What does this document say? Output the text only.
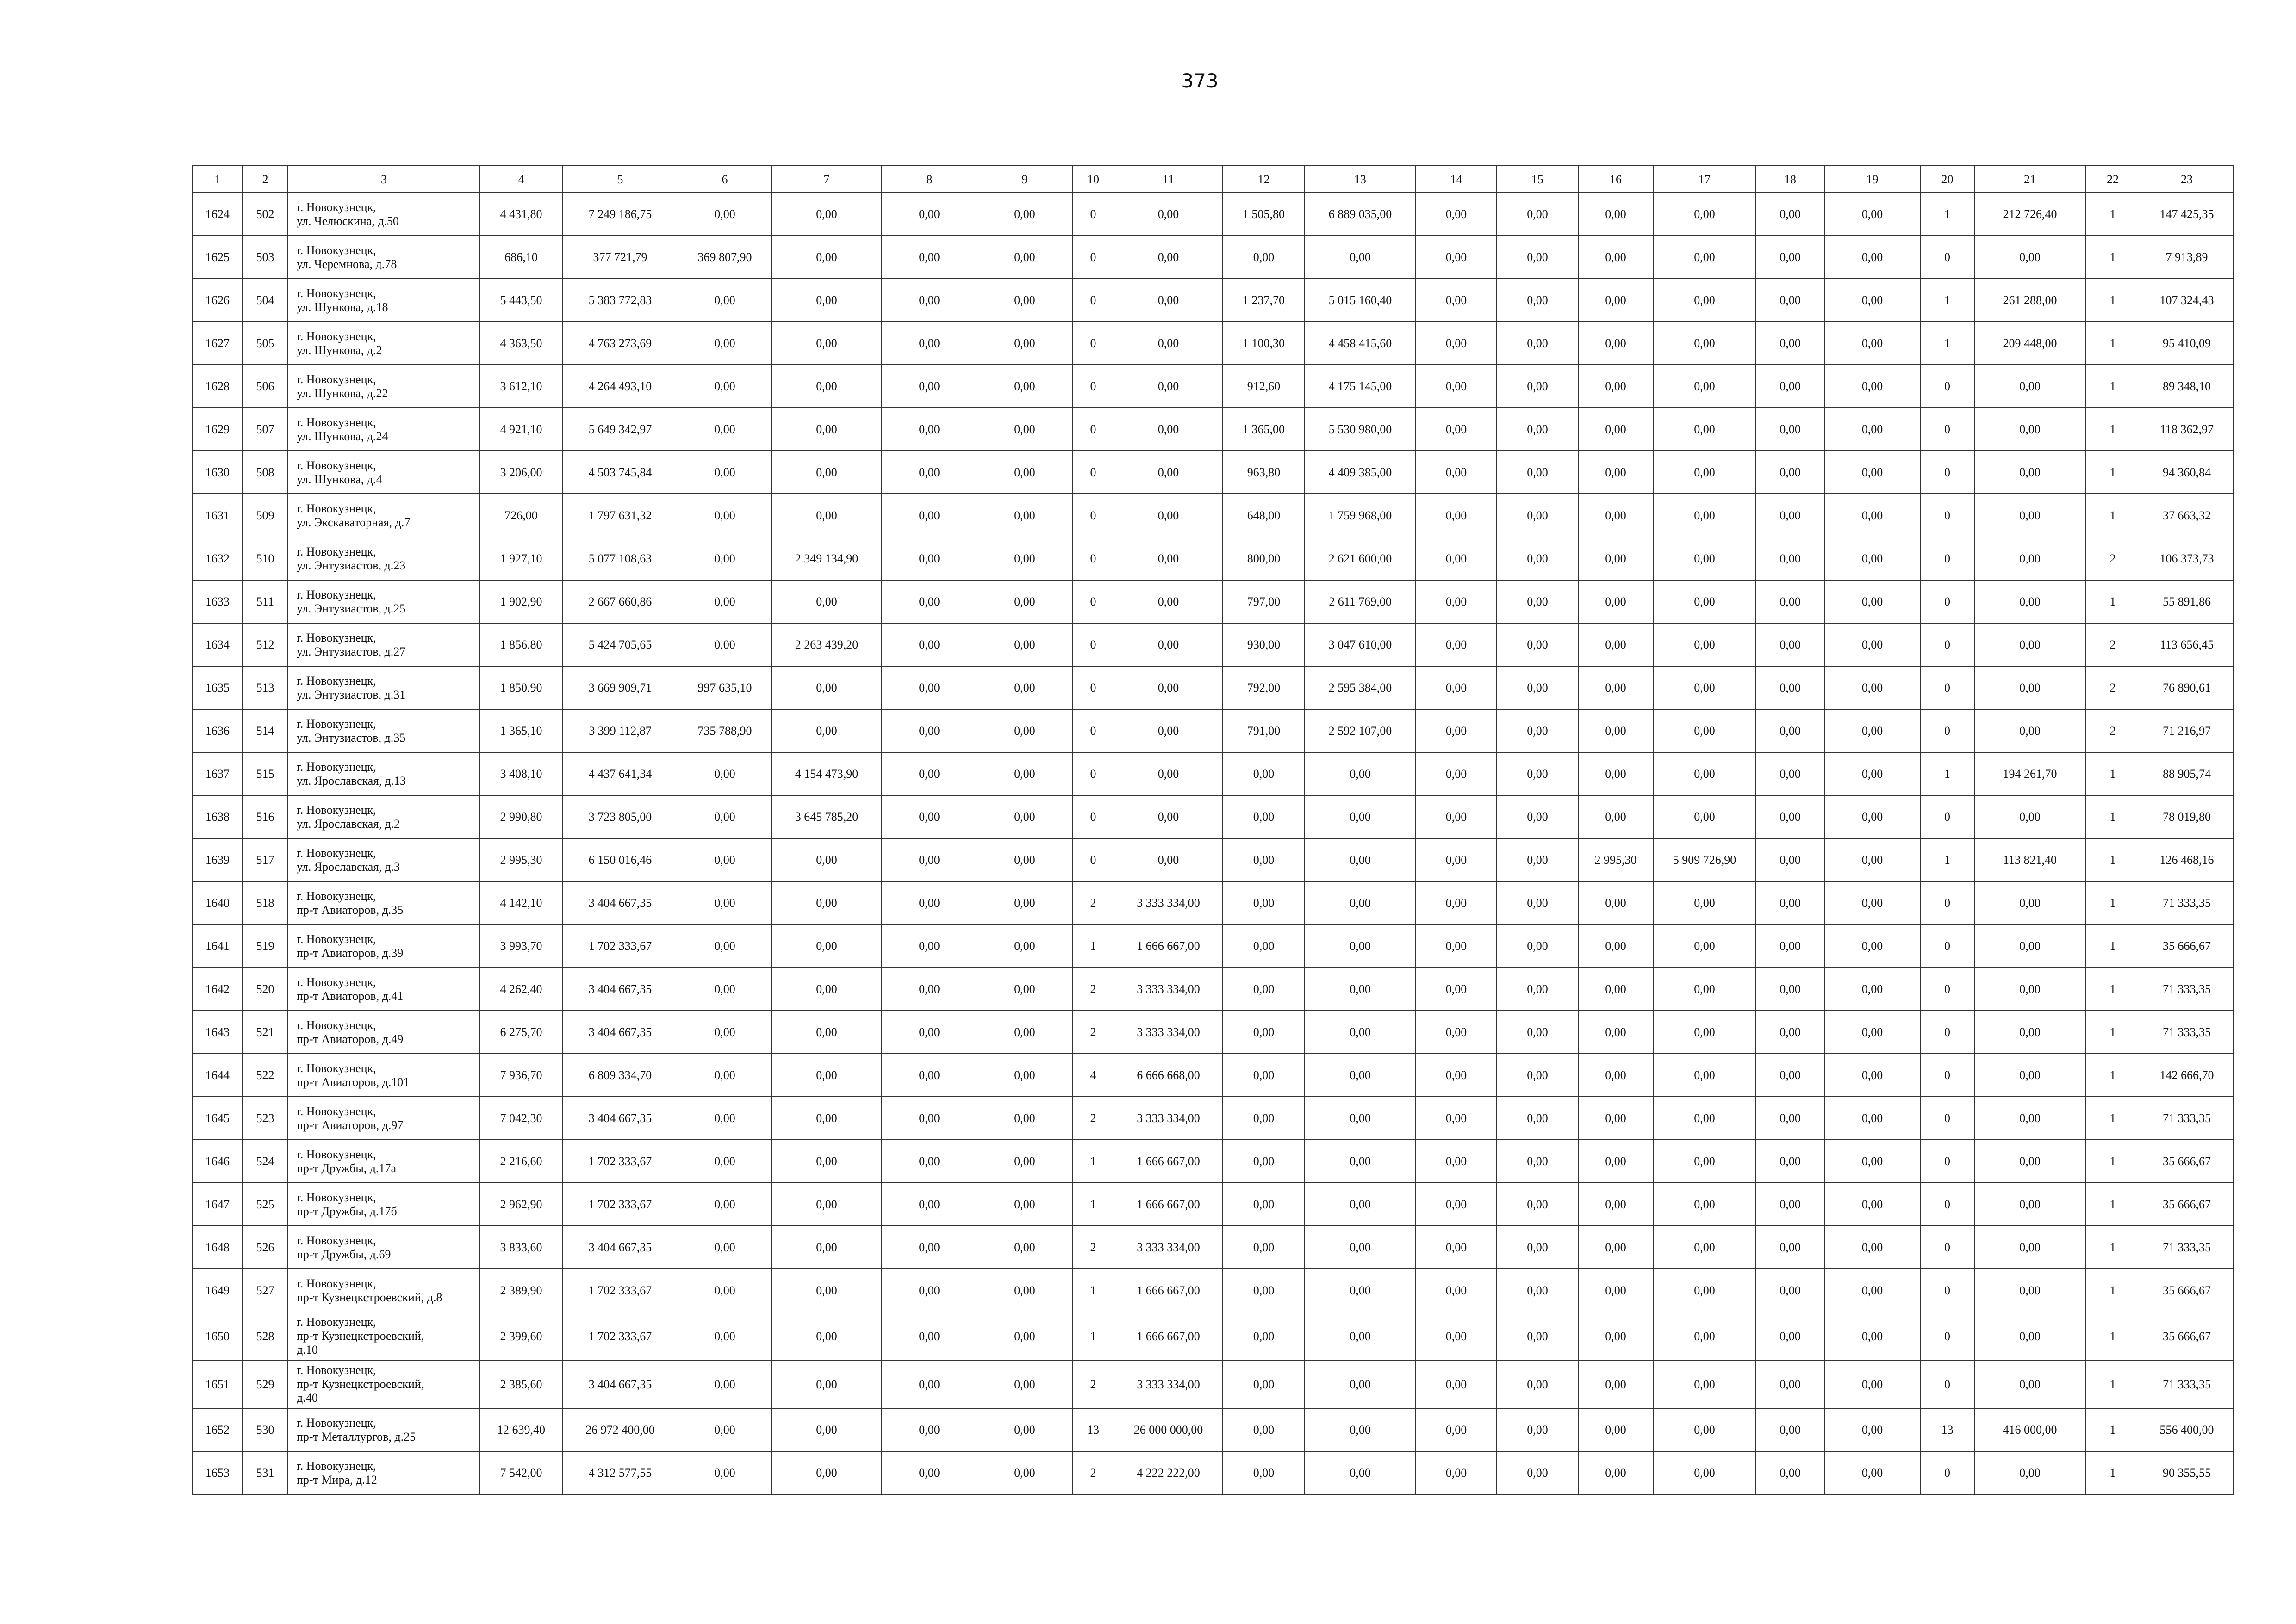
373
1	2	3	4	5	6	7	8	9	10	11	12	13	14	15	16	17	18	19	20	21	22	23
1624	502	г. Новокузнецк,
ул. Челюскина, д.50	4 431,80	7 249 186,75	0,00	0,00	0,00	0,00	0	0,00	1 505,80	6 889 035,00	0,00	0,00	0,00	0,00	0,00	0,00	1	212 726,40	1	147 425,35
1625	503	г. Новокузнецк,
ул. Черемнова, д.78	686,10	377 721,79	369 807,90	0,00	0,00	0,00	0	0,00	0,00	0,00	0,00	0,00	0,00	0,00	0,00	0,00	0	0,00	1	7 913,89
1626	504	г. Новокузнецк,
ул. Шункова, д.18	5 443,50	5 383 772,83	0,00	0,00	0,00	0,00	0	0,00	1 237,70	5 015 160,40	0,00	0,00	0,00	0,00	0,00	0,00	1	261 288,00	1	107 324,43
1627	505	г. Новокузнецк,
ул. Шункова, д.2	4 363,50	4 763 273,69	0,00	0,00	0,00	0,00	0	0,00	1 100,30	4 458 415,60	0,00	0,00	0,00	0,00	0,00	0,00	1	209 448,00	1	95 410,09
1628	506	г. Новокузнецк,
ул. Шункова, д.22	3 612,10	4 264 493,10	0,00	0,00	0,00	0,00	0	0,00	912,60	4 175 145,00	0,00	0,00	0,00	0,00	0,00	0,00	0	0,00	1	89 348,10
1629	507	г. Новокузнецк,
ул. Шункова, д.24	4 921,10	5 649 342,97	0,00	0,00	0,00	0,00	0	0,00	1 365,00	5 530 980,00	0,00	0,00	0,00	0,00	0,00	0,00	0	0,00	1	118 362,97
1630	508	г. Новокузнецк,
ул. Шункова, д.4	3 206,00	4 503 745,84	0,00	0,00	0,00	0,00	0	0,00	963,80	4 409 385,00	0,00	0,00	0,00	0,00	0,00	0,00	0	0,00	1	94 360,84
1631	509	г. Новокузнецк,
ул. Экскаваторная, д.7	726,00	1 797 631,32	0,00	0,00	0,00	0,00	0	0,00	648,00	1 759 968,00	0,00	0,00	0,00	0,00	0,00	0,00	0	0,00	1	37 663,32
1632	510	г. Новокузнецк,
ул. Энтузиастов, д.23	1 927,10	5 077 108,63	0,00	2 349 134,90	0,00	0,00	0	0,00	800,00	2 621 600,00	0,00	0,00	0,00	0,00	0,00	0,00	0	0,00	2	106 373,73
1633	511	г. Новокузнецк,
ул. Энтузиастов, д.25	1 902,90	2 667 660,86	0,00	0,00	0,00	0,00	0	0,00	797,00	2 611 769,00	0,00	0,00	0,00	0,00	0,00	0,00	0	0,00	1	55 891,86
1634	512	г. Новокузнецк,
ул. Энтузиастов, д.27	1 856,80	5 424 705,65	0,00	2 263 439,20	0,00	0,00	0	0,00	930,00	3 047 610,00	0,00	0,00	0,00	0,00	0,00	0,00	0	0,00	2	113 656,45
1635	513	г. Новокузнецк,
ул. Энтузиастов, д.31	1 850,90	3 669 909,71	997 635,10	0,00	0,00	0,00	0	0,00	792,00	2 595 384,00	0,00	0,00	0,00	0,00	0,00	0,00	0	0,00	2	76 890,61
1636	514	г. Новокузнецк,
ул. Энтузиастов, д.35	1 365,10	3 399 112,87	735 788,90	0,00	0,00	0,00	0	0,00	791,00	2 592 107,00	0,00	0,00	0,00	0,00	0,00	0,00	0	0,00	2	71 216,97
1637	515	г. Новокузнецк,
ул. Ярославская, д.13	3 408,10	4 437 641,34	0,00	4 154 473,90	0,00	0,00	0	0,00	0,00	0,00	0,00	0,00	0,00	0,00	0,00	0,00	1	194 261,70	1	88 905,74
1638	516	г. Новокузнецк,
ул. Ярославская, д.2	2 990,80	3 723 805,00	0,00	3 645 785,20	0,00	0,00	0	0,00	0,00	0,00	0,00	0,00	0,00	0,00	0,00	0,00	0	0,00	1	78 019,80
1639	517	г. Новокузнецк,
ул. Ярославская, д.3	2 995,30	6 150 016,46	0,00	0,00	0,00	0,00	0	0,00	0,00	0,00	0,00	0,00	2 995,30	5 909 726,90	0,00	0,00	1	113 821,40	1	126 468,16
1640	518	г. Новокузнецк,
пр-т Авиаторов, д.35	4 142,10	3 404 667,35	0,00	0,00	0,00	0,00	2	3 333 334,00	0,00	0,00	0,00	0,00	0,00	0,00	0,00	0,00	0	0,00	1	71 333,35
1641	519	г. Новокузнецк,
пр-т Авиаторов, д.39	3 993,70	1 702 333,67	0,00	0,00	0,00	0,00	1	1 666 667,00	0,00	0,00	0,00	0,00	0,00	0,00	0,00	0,00	0	0,00	1	35 666,67
1642	520	г. Новокузнецк,
пр-т Авиаторов, д.41	4 262,40	3 404 667,35	0,00	0,00	0,00	0,00	2	3 333 334,00	0,00	0,00	0,00	0,00	0,00	0,00	0,00	0,00	0	0,00	1	71 333,35
1643	521	г. Новокузнецк,
пр-т Авиаторов, д.49	6 275,70	3 404 667,35	0,00	0,00	0,00	0,00	2	3 333 334,00	0,00	0,00	0,00	0,00	0,00	0,00	0,00	0,00	0	0,00	1	71 333,35
1644	522	г. Новокузнецк,
пр-т Авиаторов, д.101	7 936,70	6 809 334,70	0,00	0,00	0,00	0,00	4	6 666 668,00	0,00	0,00	0,00	0,00	0,00	0,00	0,00	0,00	0	0,00	1	142 666,70
1645	523	г. Новокузнецк,
пр-т Авиаторов, д.97	7 042,30	3 404 667,35	0,00	0,00	0,00	0,00	2	3 333 334,00	0,00	0,00	0,00	0,00	0,00	0,00	0,00	0,00	0	0,00	1	71 333,35
1646	524	г. Новокузнецк,
пр-т Дружбы, д.17а	2 216,60	1 702 333,67	0,00	0,00	0,00	0,00	1	1 666 667,00	0,00	0,00	0,00	0,00	0,00	0,00	0,00	0,00	0	0,00	1	35 666,67
1647	525	г. Новокузнецк,
пр-т Дружбы, д.17б	2 962,90	1 702 333,67	0,00	0,00	0,00	0,00	1	1 666 667,00	0,00	0,00	0,00	0,00	0,00	0,00	0,00	0,00	0	0,00	1	35 666,67
1648	526	г. Новокузнецк,
пр-т Дружбы, д.69	3 833,60	3 404 667,35	0,00	0,00	0,00	0,00	2	3 333 334,00	0,00	0,00	0,00	0,00	0,00	0,00	0,00	0,00	0	0,00	1	71 333,35
1649	527	г. Новокузнецк,
пр-т Кузнецкстроевский, д.8	2 389,90	1 702 333,67	0,00	0,00	0,00	0,00	1	1 666 667,00	0,00	0,00	0,00	0,00	0,00	0,00	0,00	0,00	0	0,00	1	35 666,67
1650	528	г. Новокузнецк,
пр-т Кузнецкстроевский,
д.10	2 399,60	1 702 333,67	0,00	0,00	0,00	0,00	1	1 666 667,00	0,00	0,00	0,00	0,00	0,00	0,00	0,00	0,00	0	0,00	1	35 666,67
1651	529	г. Новокузнецк,
пр-т Кузнецкстроевский,
д.40	2 385,60	3 404 667,35	0,00	0,00	0,00	0,00	2	3 333 334,00	0,00	0,00	0,00	0,00	0,00	0,00	0,00	0,00	0	0,00	1	71 333,35
1652	530	г. Новокузнецк,
пр-т Металлургов, д.25	12 639,40	26 972 400,00	0,00	0,00	0,00	0,00	13	26 000 000,00	0,00	0,00	0,00	0,00	0,00	0,00	0,00	0,00	13	416 000,00	1	556 400,00
1653	531	г. Новокузнецк,
пр-т Мира, д.12	7 542,00	4 312 577,55	0,00	0,00	0,00	0,00	2	4 222 222,00	0,00	0,00	0,00	0,00	0,00	0,00	0,00	0,00	0	0,00	1	90 355,55
